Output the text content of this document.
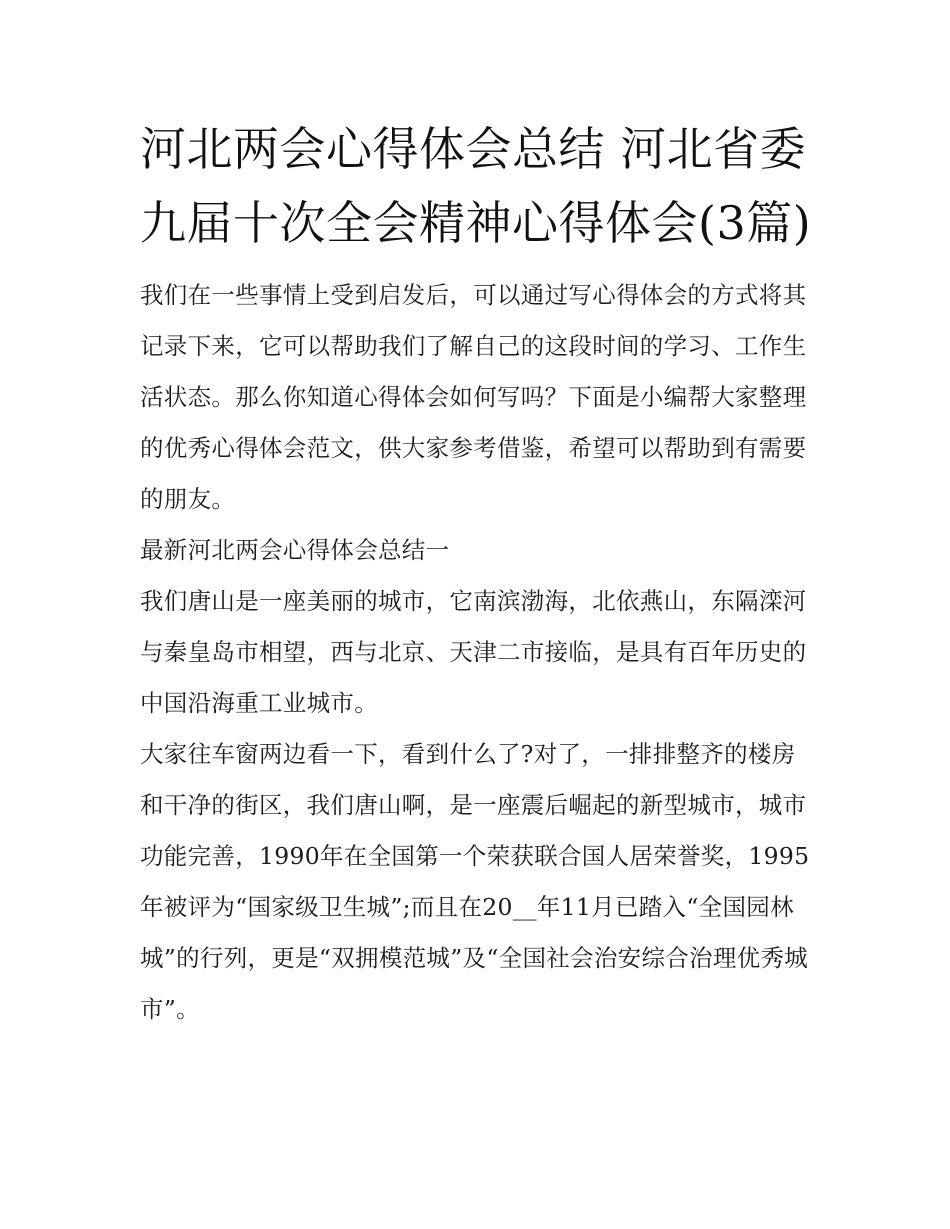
河北两会心得体会总结 河北省委九届十次全会精神心得体会(3篇)

我们在一些事情上受到启发后，可以通过写心得体会的方式将其记录下来，它可以帮助我们了解自己的这段时间的学习、工作生活状态。那么你知道心得体会如何写吗？下面是小编帮大家整理的优秀心得体会范文，供大家参考借鉴，希望可以帮助到有需要的朋友。

最新河北两会心得体会总结一

我们唐山是一座美丽的城市，它南滨渤海，北依燕山，东隔滦河与秦皇岛市相望，西与北京、天津二市接临，是具有百年历史的中国沿海重工业城市。

大家往车窗两边看一下，看到什么了?对了，一排排整齐的楼房和干净的街区，我们唐山啊，是一座震后崛起的新型城市，城市功能完善，1990年在全国第一个荣获联合国人居荣誉奖，1995年被评为“国家级卫生城”;而且在20__年11月已踏入“全国园林城”的行列，更是“双拥模范城”及“全国社会治安综合治理优秀城市”。
